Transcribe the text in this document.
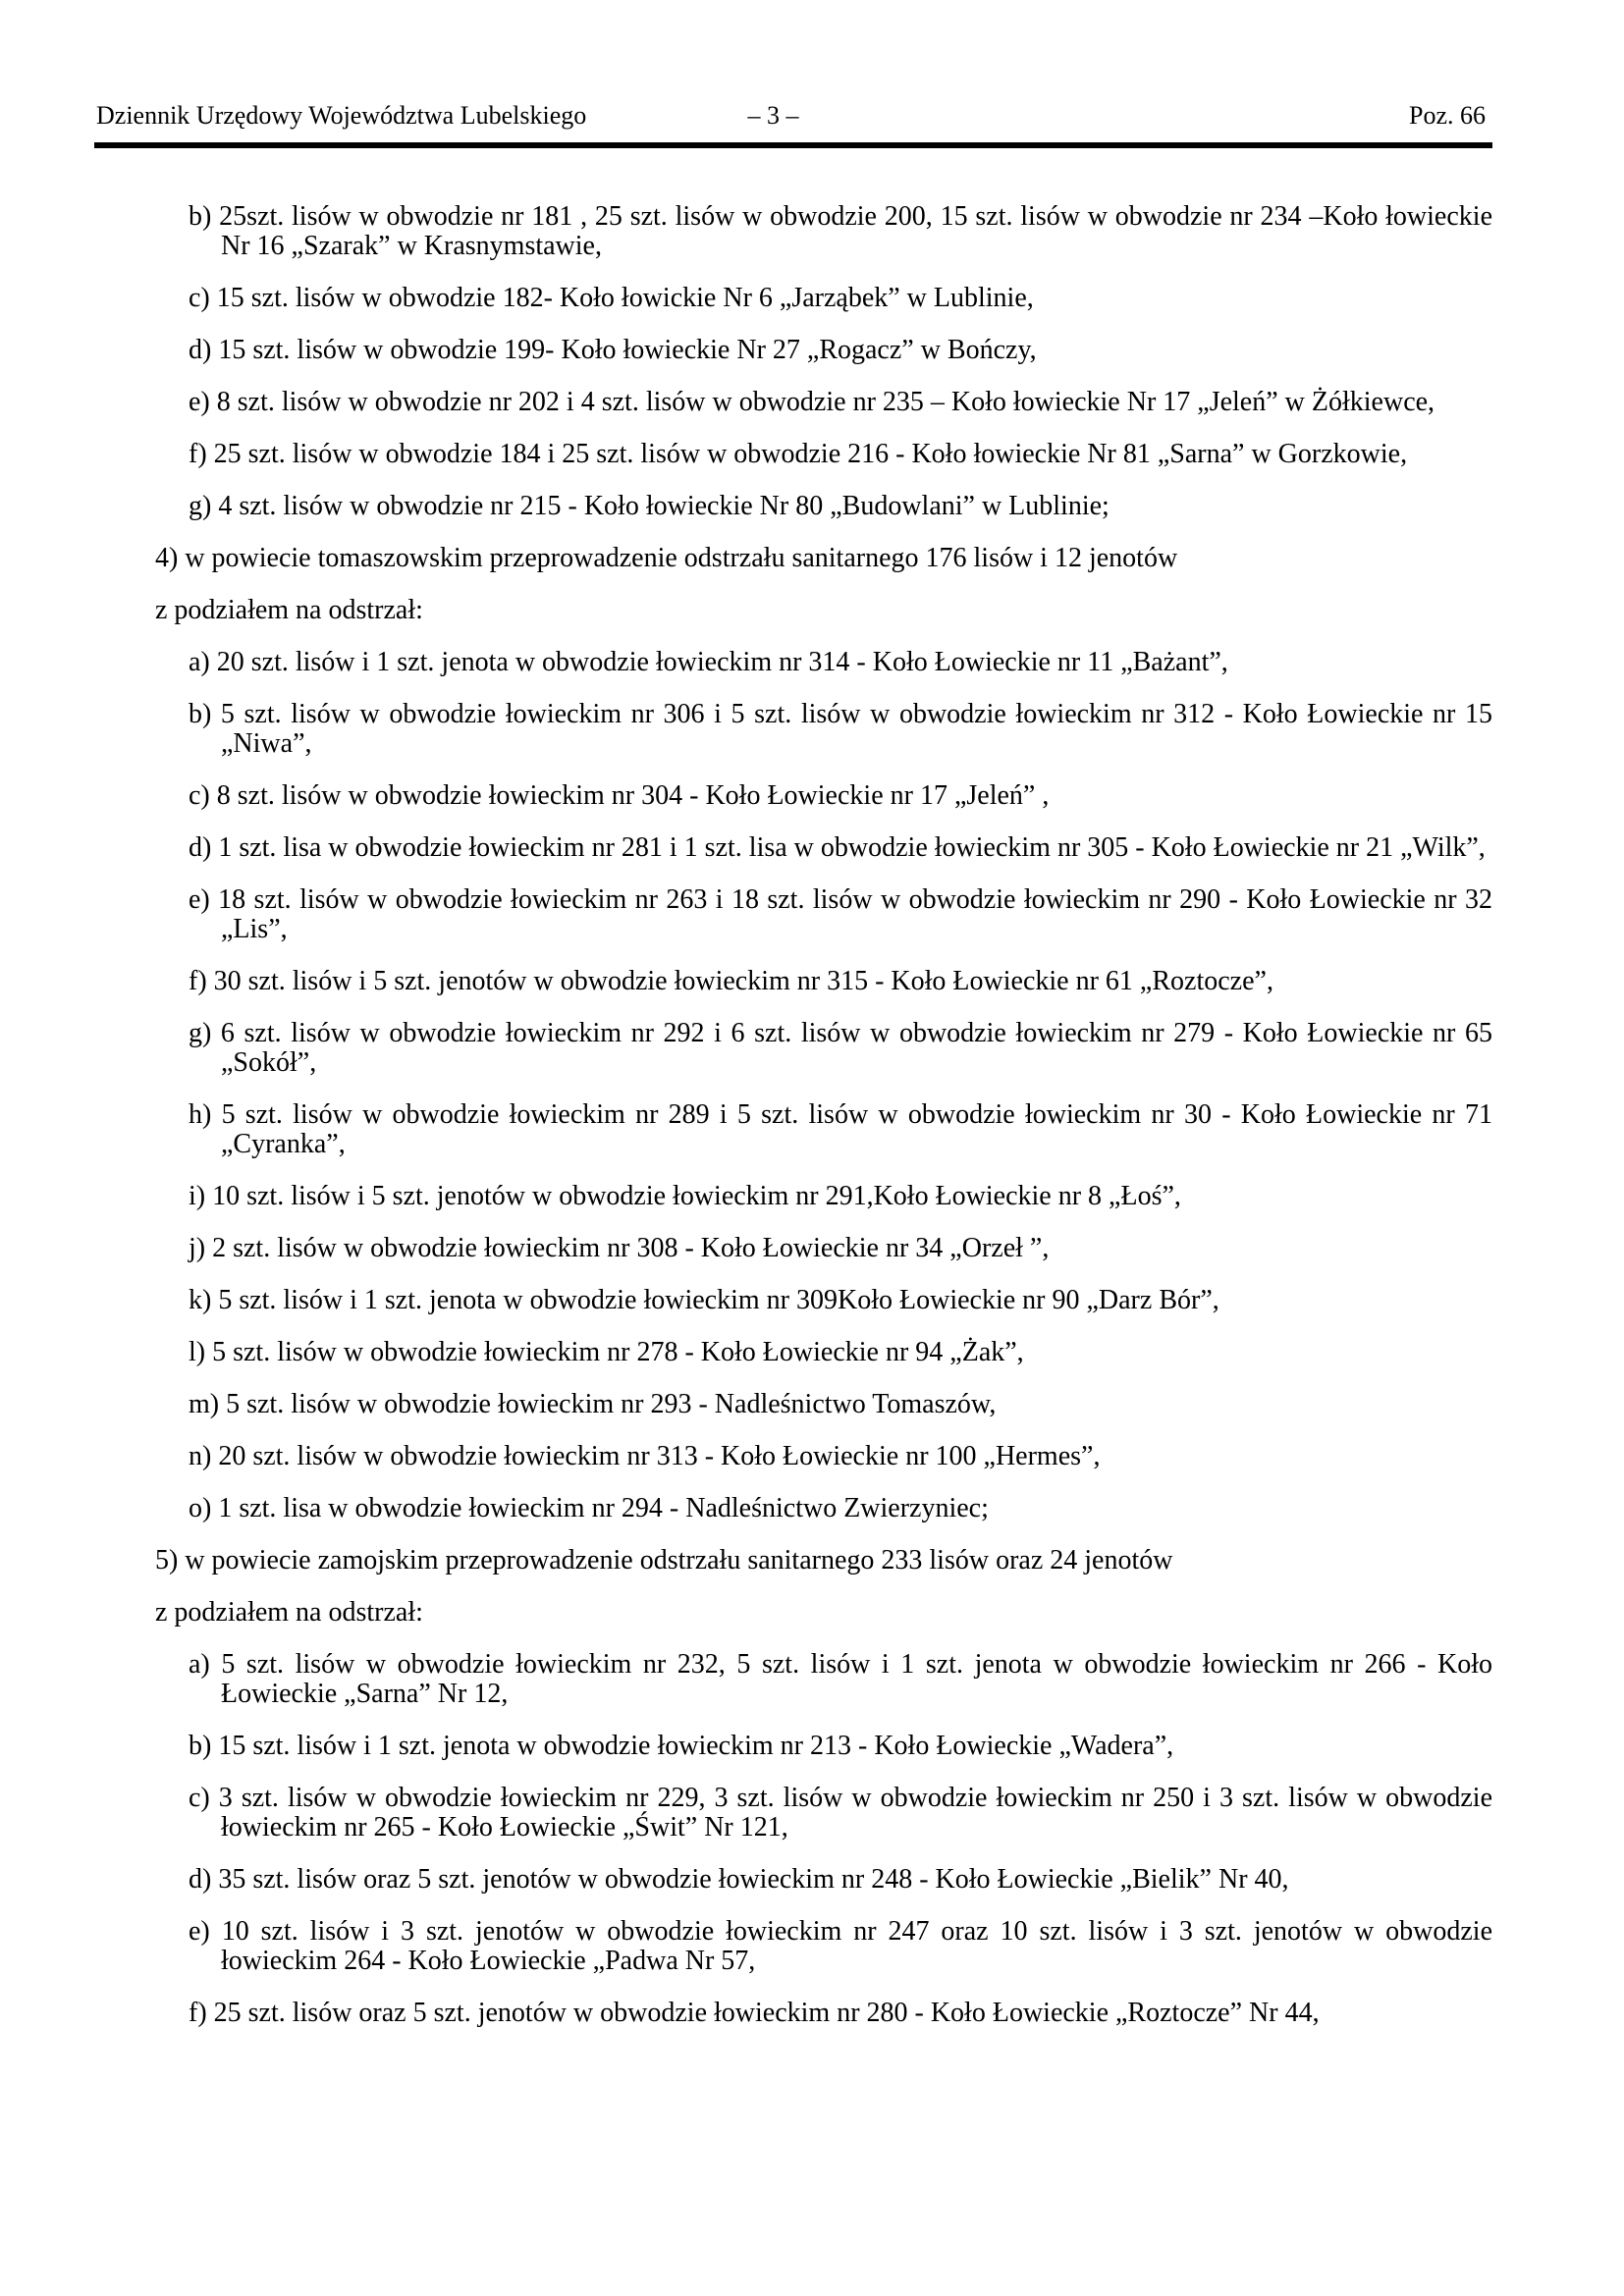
Dziennik Urzędowy Województwa Lubelskiego	– 3 –	Poz. 66

b) 25szt. lisów w obwodzie nr 181 , 25 szt. lisów w obwodzie 200, 15 szt. lisów w obwodzie nr 234 –Koło łowieckie Nr 16 „Szarak” w Krasnymstawie,

c) 15 szt. lisów w obwodzie 182- Koło łowickie Nr 6 „Jarząbek” w Lublinie,

d) 15 szt. lisów w obwodzie 199- Koło łowieckie Nr 27 „Rogacz” w Bończy,

e) 8 szt. lisów w obwodzie nr 202 i 4 szt. lisów w obwodzie nr 235 – Koło łowieckie Nr 17 „Jeleń” w Żółkiewce,

f) 25 szt. lisów w obwodzie 184 i 25 szt. lisów w obwodzie 216 - Koło łowieckie Nr 81 „Sarna” w Gorzkowie,

g) 4 szt. lisów w obwodzie nr 215 - Koło łowieckie Nr 80 „Budowlani” w Lublinie;

4) w powiecie tomaszowskim przeprowadzenie odstrzału sanitarnego 176 lisów i 12 jenotów

z podziałem na odstrzał:

a) 20 szt. lisów i 1 szt. jenota w obwodzie łowieckim nr 314 - Koło Łowieckie nr 11 „Bażant”,

b) 5 szt. lisów w obwodzie łowieckim nr 306 i 5 szt. lisów w obwodzie łowieckim nr 312 - Koło Łowieckie nr 15 „Niwa”,

c) 8 szt. lisów w obwodzie łowieckim nr 304 - Koło Łowieckie nr 17 „Jeleń” ,

d) 1 szt. lisa w obwodzie łowieckim nr 281 i 1 szt. lisa w obwodzie łowieckim nr 305 - Koło Łowieckie nr 21 „Wilk”,

e) 18 szt. lisów w obwodzie łowieckim nr 263 i 18 szt. lisów w obwodzie łowieckim nr 290 - Koło Łowieckie nr 32 „Lis”,

f) 30 szt. lisów i 5 szt. jenotów w obwodzie łowieckim nr 315 - Koło Łowieckie nr 61 „Roztocze”,

g) 6 szt. lisów w obwodzie łowieckim nr 292 i 6 szt. lisów w obwodzie łowieckim nr 279 - Koło Łowieckie nr 65 „Sokół”,

h) 5 szt. lisów w obwodzie łowieckim nr 289 i 5 szt. lisów w obwodzie łowieckim nr 30 - Koło Łowieckie nr 71 „Cyranka”,

i) 10 szt. lisów i 5 szt. jenotów w obwodzie łowieckim nr 291,Koło Łowieckie nr 8 „Łoś”,

j) 2 szt. lisów w obwodzie łowieckim nr 308 - Koło Łowieckie nr 34 „Orzeł ”,

k) 5 szt. lisów i 1 szt. jenota w obwodzie łowieckim nr 309Koło Łowieckie nr 90 „Darz Bór”,

l) 5 szt. lisów w obwodzie łowieckim nr 278 - Koło Łowieckie nr 94 „Żak”,

m) 5 szt. lisów w obwodzie łowieckim nr 293 - Nadleśnictwo Tomaszów,

n) 20 szt. lisów w obwodzie łowieckim nr 313 - Koło Łowieckie nr 100 „Hermes”,

o) 1 szt. lisa w obwodzie łowieckim nr 294 - Nadleśnictwo Zwierzyniec;

5) w powiecie zamojskim przeprowadzenie odstrzału sanitarnego 233 lisów oraz 24 jenotów

z podziałem na odstrzał:

a) 5 szt. lisów w obwodzie łowieckim nr 232, 5 szt. lisów i 1 szt. jenota w obwodzie łowieckim nr 266 - Koło Łowieckie „Sarna” Nr 12,

b) 15 szt. lisów i 1 szt. jenota w obwodzie łowieckim nr 213 - Koło Łowieckie „Wadera”,

c) 3 szt. lisów w obwodzie łowieckim nr 229, 3 szt. lisów w obwodzie łowieckim nr 250 i 3 szt. lisów w obwodzie łowieckim nr 265 - Koło Łowieckie „Świt” Nr 121,

d) 35 szt. lisów oraz 5 szt. jenotów w obwodzie łowieckim nr 248 - Koło Łowieckie „Bielik” Nr 40,

e) 10 szt. lisów i 3 szt. jenotów w obwodzie łowieckim nr 247 oraz 10 szt. lisów i 3 szt. jenotów w obwodzie łowieckim 264 - Koło Łowieckie „Padwa Nr 57,

f) 25 szt. lisów oraz 5 szt. jenotów w obwodzie łowieckim nr 280 - Koło Łowieckie „Roztocze” Nr 44,
